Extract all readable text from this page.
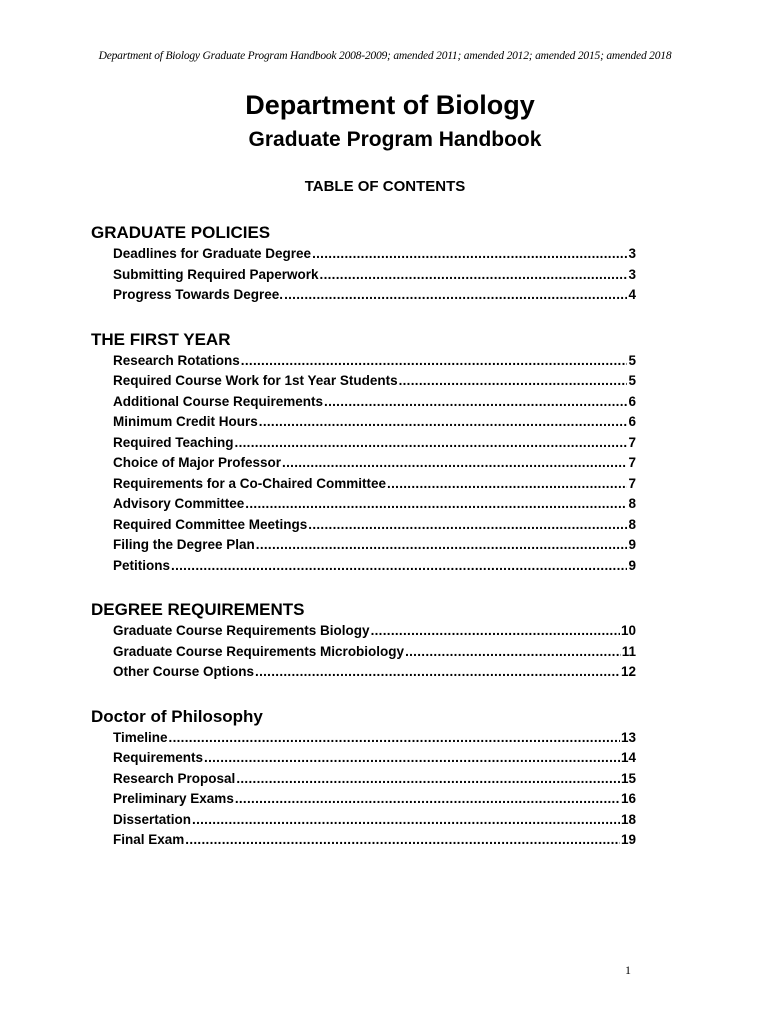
Department of Biology Graduate Program Handbook 2008-2009; amended 2011; amended 2012; amended 2015; amended 2018
Department of Biology
Graduate Program Handbook
TABLE OF CONTENTS
GRADUATE POLICIES
Deadlines for Graduate Degree .....	3
Submitting Required Paperwork .....	3
Progress Towards Degree. .....	4
THE FIRST YEAR
Research Rotations .....	5
Required Course Work for 1st Year Students .....	5
Additional Course Requirements .....	6
Minimum Credit Hours .....	6
Required Teaching .....	7
Choice of Major Professor .....	7
Requirements for a Co-Chaired Committee .....	7
Advisory Committee .....	8
Required Committee Meetings .....	8
Filing the Degree Plan .....	9
Petitions .....	9
DEGREE REQUIREMENTS
Graduate Course Requirements Biology .....	10
Graduate Course Requirements Microbiology .....	11
Other Course Options .....	12
Doctor of Philosophy
Timeline .....	13
Requirements .....	14
Research Proposal .....	15
Preliminary Exams .....	16
Dissertation .....	18
Final Exam .....	19
1
